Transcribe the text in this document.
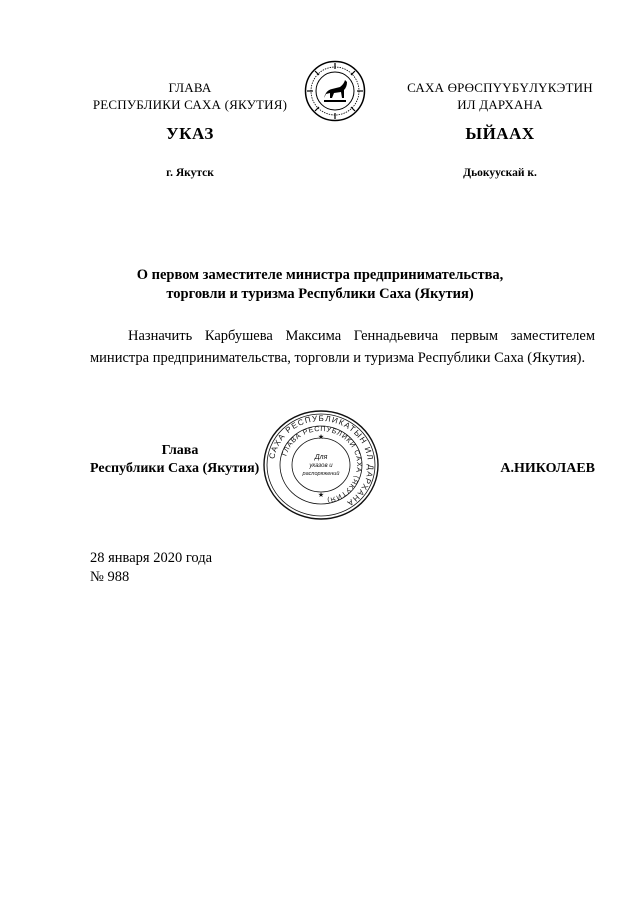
ГЛАВА
РЕСПУБЛИКИ САХА (ЯКУТИЯ)
САХА ӨРӨСПҮҮБҮЛҮКЭТИН
ИЛ ДАРХАНА
УКАЗ	ЫЙААХ
г. Якутск	Дьокуускай к.
О первом заместителе министра предпринимательства,
торговли и туризма Республики Саха (Якутия)
Назначить Карбушева Максима Геннадьевича первым заместителем министра предпринимательства, торговли и туризма Республики Саха (Якутия).
САХА РЕСПУБЛИКАТЫН ИЛ ДАРХАНА
ГЛАВА РЕСПУБЛИКИ САХА (ЯКУТИЯ)
Для
указов и
распоряжений
★
★
Глава
Республики Саха (Якутия)	А.НИКОЛАЕВ
28 января 2020 года
№ 988
